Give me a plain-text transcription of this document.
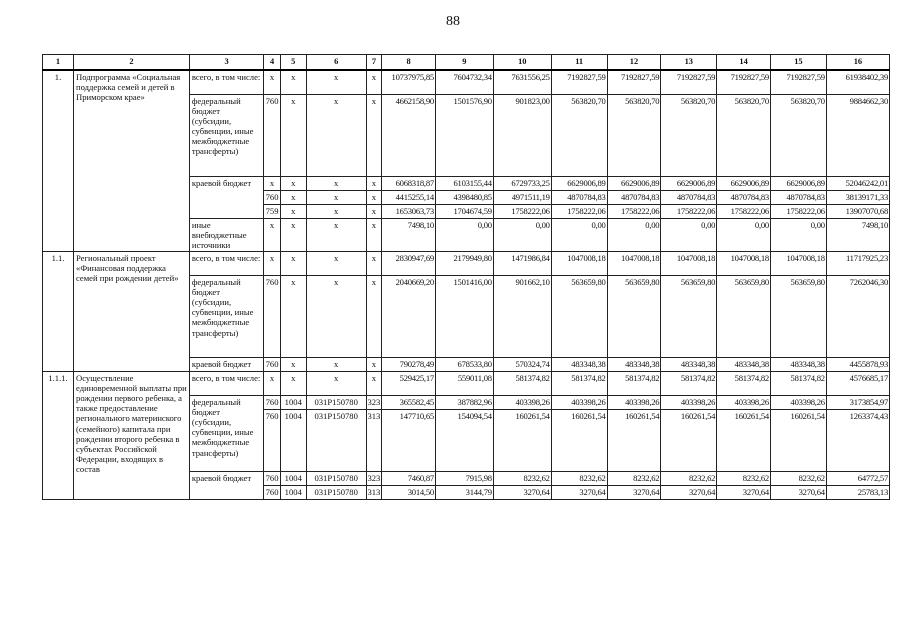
88
1	2	3	4	5	6	7	8	9	10	11	12	13	14	15	16
1.	Подпрограмма «Социальная поддержка семей и детей в Приморском крае»	всего, в том числе:	х	х	х	х	10737975,85	7604732,34	7631556,25	7192827,59	7192827,59	7192827,59	7192827,59	7192827,59	61938402,39
		федеральный бюджет (субсидии, субвенции, иные межбюджетные трансферты)	760	х	х	х	4662158,90	1501576,90	901823,00	563820,70	563820,70	563820,70	563820,70	563820,70	9884662,30
		краевой бюджет	х	х	х	х	6068318,87	6103155,44	6729733,25	6629006,89	6629006,89	6629006,89	6629006,89	6629006,89	52046242,01
			760	х	х	х	4415255,14	4398480,85	4971511,19	4870784,83	4870784,83	4870784,83	4870784,83	4870784,83	38139171,33
			759	х	х	х	1653063,73	1704674,59	1758222,06	1758222,06	1758222,06	1758222,06	1758222,06	1758222,06	13907070,68
		иные внебюджетные источники	х	х	х	х	7498,10	0,00	0,00	0,00	0,00	0,00	0,00	0,00	7498,10
1.1.	Региональный проект «Финансовая поддержка семей при рождении детей»	всего, в том числе:	х	х	х	х	2830947,69	2179949,80	1471986,84	1047008,18	1047008,18	1047008,18	1047008,18	1047008,18	11717925,23
		федеральный бюджет (субсидии, субвенции, иные межбюджетные трансферты)	760	х	х	х	2040669,20	1501416,00	901662,10	563659,80	563659,80	563659,80	563659,80	563659,80	7262046,30
		краевой бюджет	760	х	х	х	790278,49	678533,80	570324,74	483348,38	483348,38	483348,38	483348,38	483348,38	4455878,93
1.1.1.	Осуществление единовременной выплаты при рождении первого ребенка, а также предоставление регионального материнского (семейного) капитала при рождении второго ребенка в субъектах Российской Федерации, входящих в состав	всего, в том числе:	х	х	х	х	529425,17	559011,08	581374,82	581374,82	581374,82	581374,82	581374,82	581374,82	4576685,17
		федеральный бюджет (субсидии, субвенции, иные межбюджетные трансферты)	760	1004	031P150780	323	365582,45	387882,96	403398,26	403398,26	403398,26	403398,26	403398,26	403398,26	3173854,97
			760	1004	031P150780	313	147710,65	154094,54	160261,54	160261,54	160261,54	160261,54	160261,54	160261,54	1263374,43
		краевой бюджет	760	1004	031P150780	323	7460,87	7915,98	8232,62	8232,62	8232,62	8232,62	8232,62	8232,62	64772,57
			760	1004	031P150780	313	3014,50	3144,79	3270,64	3270,64	3270,64	3270,64	3270,64	3270,64	25783,13
